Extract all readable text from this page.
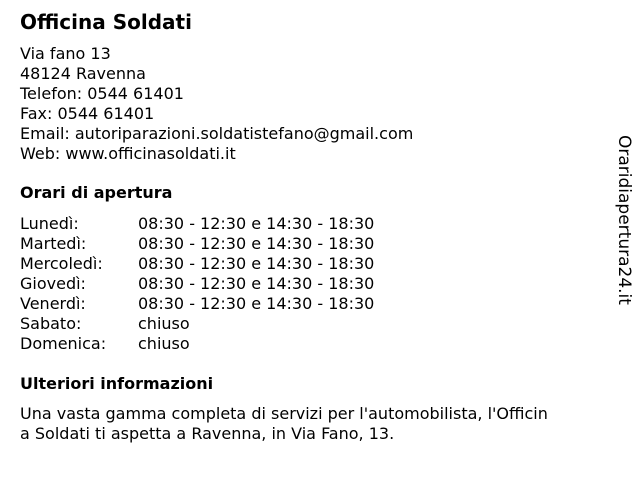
Officina Soldati
Via fano 13
48124 Ravenna
Telefon: 0544 61401
Fax: 0544 61401
Email: autoriparazioni.soldatistefano@gmail.com
Web: www.officinasoldati.it
Orari di apertura
Lunedì:	08:30 - 12:30 e 14:30 - 18:30
Martedì:	08:30 - 12:30 e 14:30 - 18:30
Mercoledì: 08:30 - 12:30 e 14:30 - 18:30
Giovedì:	08:30 - 12:30 e 14:30 - 18:30
Venerdì:	08:30 - 12:30 e 14:30 - 18:30
Sabato:	chiuso
Domenica: chiuso
Ulteriori informazioni
Una vasta gamma completa di servizi per l'automobilista, l'Officina Soldati ti aspetta a Ravenna, in Via Fano, 13.
Oraridiapertura24.it
